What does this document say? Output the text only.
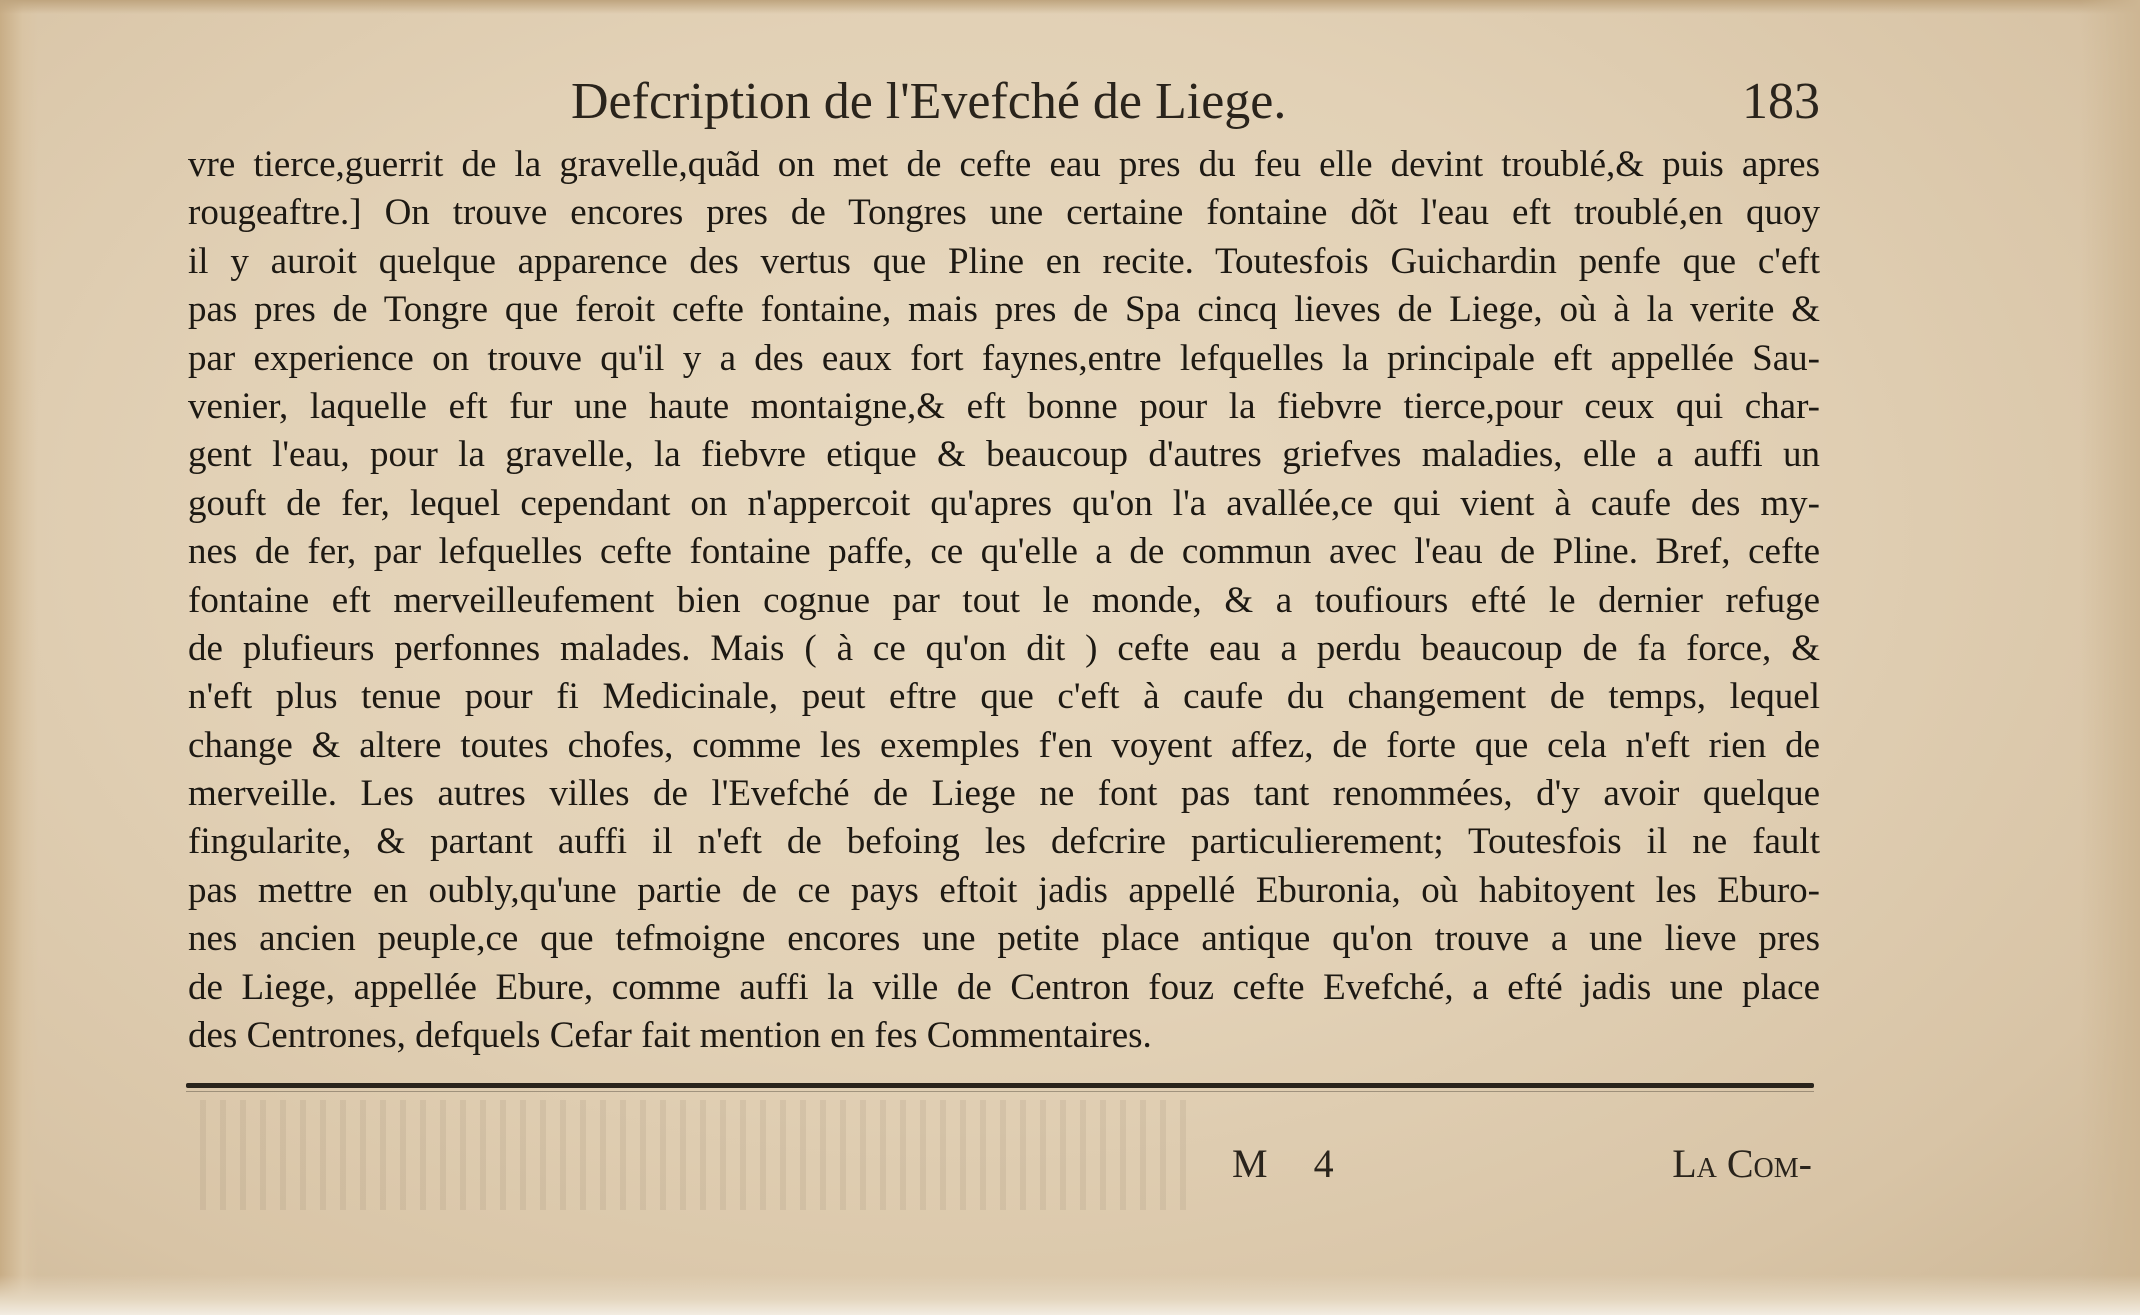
Defcription de l'Evefché de Liege.	183
vre tierce,guerrit de la gravelle,quãd on met de cefte eau pres du feu elle devint troublé,& puis apres
rougeaftre.] On trouve encores pres de Tongres une certaine fontaine dõt l'eau eft troublé,en quoy
il y auroit quelque apparence des vertus que Pline en recite. Toutesfois Guichardin penfe que c'eft
pas pres de Tongre que feroit cefte fontaine, mais pres de Spa cincq lieves de Liege, où à la verite &
par experience on trouve qu'il y a des eaux fort faynes,entre lefquelles la principale eft appellée Sau-
venier, laquelle eft fur une haute montaigne,& eft bonne pour la fiebvre tierce,pour ceux qui char-
gent l'eau, pour la gravelle, la fiebvre etique & beaucoup d'autres griefves maladies, elle a auffi un
gouft de fer, lequel cependant on n'appercoit qu'apres qu'on l'a avallée,ce qui vient à caufe des my-
nes de fer, par lefquelles cefte fontaine paffe, ce qu'elle a de commun avec l'eau de Pline. Bref, cefte
fontaine eft merveilleufement bien cognue par tout le monde, & a toufiours efté le dernier refuge
de plufieurs perfonnes malades. Mais ( à ce qu'on dit ) cefte eau a perdu beaucoup de fa force, &
n'eft plus tenue pour fi Medicinale, peut eftre que c'eft à caufe du changement de temps, lequel
change & altere toutes chofes, comme les exemples f'en voyent affez, de forte que cela n'eft rien de
merveille. Les autres villes de l'Evefché de Liege ne font pas tant renommées, d'y avoir quelque
fingularite, & partant auffi il n'eft de befoing les defcrire particulierement; Toutesfois il ne fault
pas mettre en oubly,qu'une partie de ce pays eftoit jadis appellé Eburonia, où habitoyent les Eburo-
nes ancien peuple,ce que tefmoigne encores une petite place antique qu'on trouve a une lieve pres
de Liege, appellée Ebure, comme auffi la ville de Centron fouz cefte Evefché, a efté jadis une place
des Centrones, defquels Cefar fait mention en fes Commentaires.
M 4	La Com-
